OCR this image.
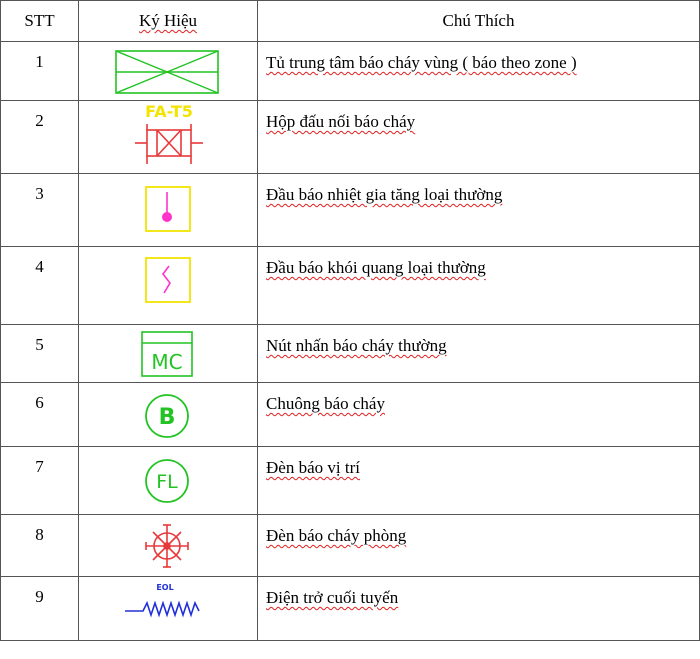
STT	Ký Hiệu	Chú Thích
1		Tủ trung tâm báo cháy vùng ( báo theo zone )
2	FA-T5	Hộp đấu nối báo cháy
3		Đầu báo nhiệt gia tăng loại thường
4		Đầu báo khói quang loại thường
5	MC	Nút nhấn báo cháy thường
6	B	Chuông báo cháy
7	FL	Đèn báo vị trí
8		Đèn báo cháy phòng
9	EOL	Điện trở cuối tuyến
